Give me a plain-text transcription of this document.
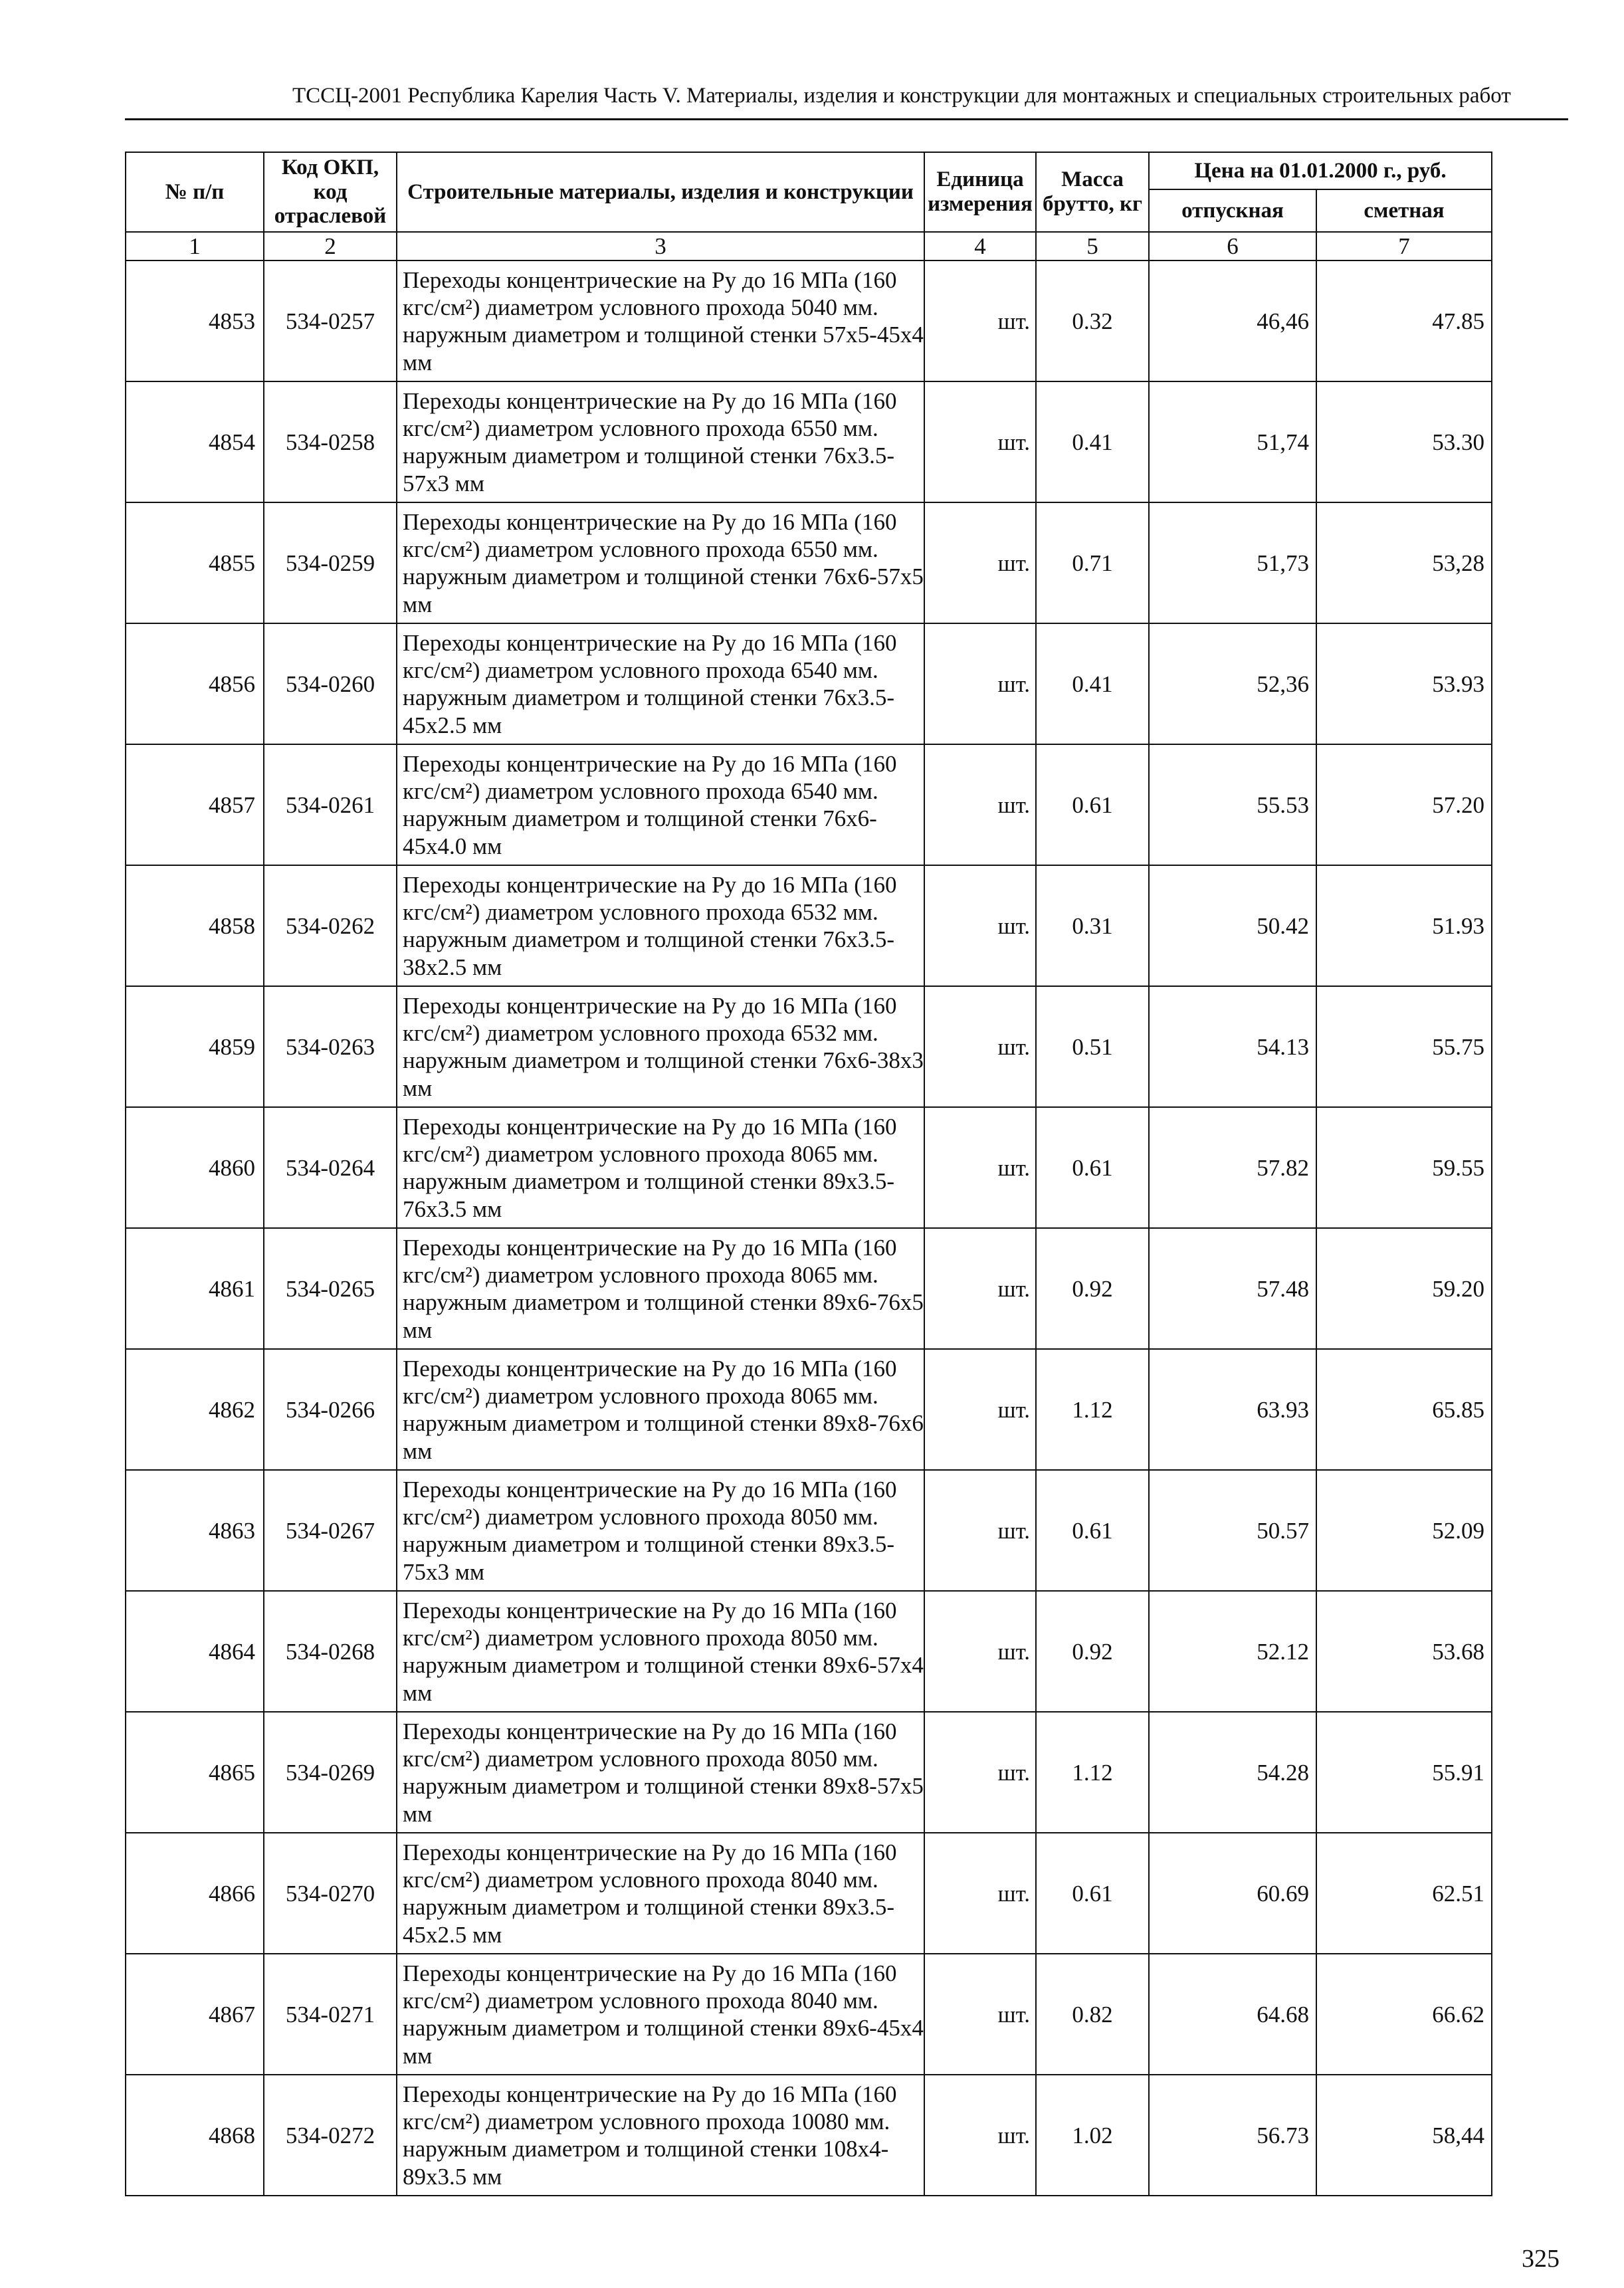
ТССЦ-2001 Республика Карелия Часть V. Материалы, изделия и конструкции для монтажных и специальных строительных работ
№ п/п	Код ОКП, код отраслевой	Строительные материалы, изделия и конструкции	Единица измерения	Масса брутто, кг	Цена на 01.01.2000 г., руб.	
					отпускная	сметная
1	2	3	4	5	6	7
4853	534-0257	Переходы концентрические на Ру до 16 МПа (160 кгс/см²) диаметром условного прохода 5040 мм. наружным диаметром и толщиной стенки 57х5-45х4 мм	шт.	0.32	46,46	47.85
4854	534-0258	Переходы концентрические на Ру до 16 МПа (160 кгс/см²) диаметром условного прохода 6550 мм. наружным диаметром и толщиной стенки 76х3.5-57х3 мм	шт.	0.41	51,74	53.30
4855	534-0259	Переходы концентрические на Ру до 16 МПа (160 кгс/см²) диаметром условного прохода 6550 мм. наружным диаметром и толщиной стенки 76х6-57х5 мм	шт.	0.71	51,73	53,28
4856	534-0260	Переходы концентрические на Ру до 16 МПа (160 кгс/см²) диаметром условного прохода 6540 мм. наружным диаметром и толщиной стенки 76х3.5-45х2.5 мм	шт.	0.41	52,36	53.93
4857	534-0261	Переходы концентрические на Ру до 16 МПа (160 кгс/см²) диаметром условного прохода 6540 мм. наружным диаметром и толщиной стенки 76х6-45х4.0 мм	шт.	0.61	55.53	57.20
4858	534-0262	Переходы концентрические на Ру до 16 МПа (160 кгс/см²) диаметром условного прохода 6532 мм. наружным диаметром и толщиной стенки 76х3.5-38х2.5 мм	шт.	0.31	50.42	51.93
4859	534-0263	Переходы концентрические на Ру до 16 МПа (160 кгс/см²) диаметром условного прохода 6532 мм. наружным диаметром и толщиной стенки 76х6-38х3 мм	шт.	0.51	54.13	55.75
4860	534-0264	Переходы концентрические на Ру до 16 МПа (160 кгс/см²) диаметром условного прохода 8065 мм. наружным диаметром и толщиной стенки 89х3.5-76х3.5 мм	шт.	0.61	57.82	59.55
4861	534-0265	Переходы концентрические на Ру до 16 МПа (160 кгс/см²) диаметром условного прохода 8065 мм. наружным диаметром и толщиной стенки 89х6-76х5 мм	шт.	0.92	57.48	59.20
4862	534-0266	Переходы концентрические на Ру до 16 МПа (160 кгс/см²) диаметром условного прохода 8065 мм. наружным диаметром и толщиной стенки 89х8-76х6 мм	шт.	1.12	63.93	65.85
4863	534-0267	Переходы концентрические на Ру до 16 МПа (160 кгс/см²) диаметром условного прохода 8050 мм. наружным диаметром и толщиной стенки 89х3.5-75х3 мм	шт.	0.61	50.57	52.09
4864	534-0268	Переходы концентрические на Ру до 16 МПа (160 кгс/см²) диаметром условного прохода 8050 мм. наружным диаметром и толщиной стенки 89х6-57х4 мм	шт.	0.92	52.12	53.68
4865	534-0269	Переходы концентрические на Ру до 16 МПа (160 кгс/см²) диаметром условного прохода 8050 мм. наружным диаметром и толщиной стенки 89х8-57х5 мм	шт.	1.12	54.28	55.91
4866	534-0270	Переходы концентрические на Ру до 16 МПа (160 кгс/см²) диаметром условного прохода 8040 мм. наружным диаметром и толщиной стенки 89х3.5-45х2.5 мм	шт.	0.61	60.69	62.51
4867	534-0271	Переходы концентрические на Ру до 16 МПа (160 кгс/см²) диаметром условного прохода 8040 мм. наружным диаметром и толщиной стенки 89х6-45х4 мм	шт.	0.82	64.68	66.62
4868	534-0272	Переходы концентрические на Ру до 16 МПа (160 кгс/см²) диаметром условного прохода 10080 мм. наружным диаметром и толщиной стенки 108х4-89х3.5 мм	шт.	1.02	56.73	58,44
325
